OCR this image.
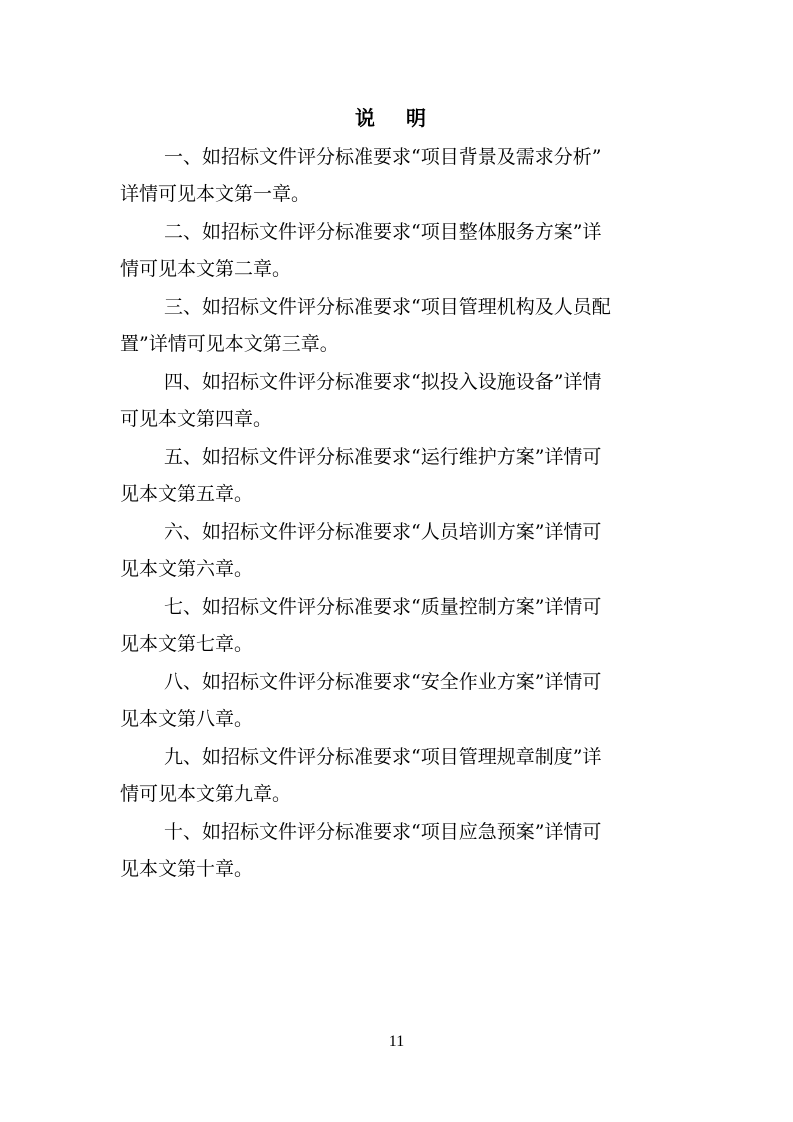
说 明
一、如招标文件评分标准要求“项目背景及需求分析”
详情可见本文第一章。
二、如招标文件评分标准要求“项目整体服务方案”详
情可见本文第二章。
三、如招标文件评分标准要求“项目管理机构及人员配
置”详情可见本文第三章。
四、如招标文件评分标准要求“拟投入设施设备”详情
可见本文第四章。
五、如招标文件评分标准要求“运行维护方案”详情可
见本文第五章。
六、如招标文件评分标准要求“人员培训方案”详情可
见本文第六章。
七、如招标文件评分标准要求“质量控制方案”详情可
见本文第七章。
八、如招标文件评分标准要求“安全作业方案”详情可
见本文第八章。
九、如招标文件评分标准要求“项目管理规章制度”详
情可见本文第九章。
十、如招标文件评分标准要求“项目应急预案”详情可
见本文第十章。
11
